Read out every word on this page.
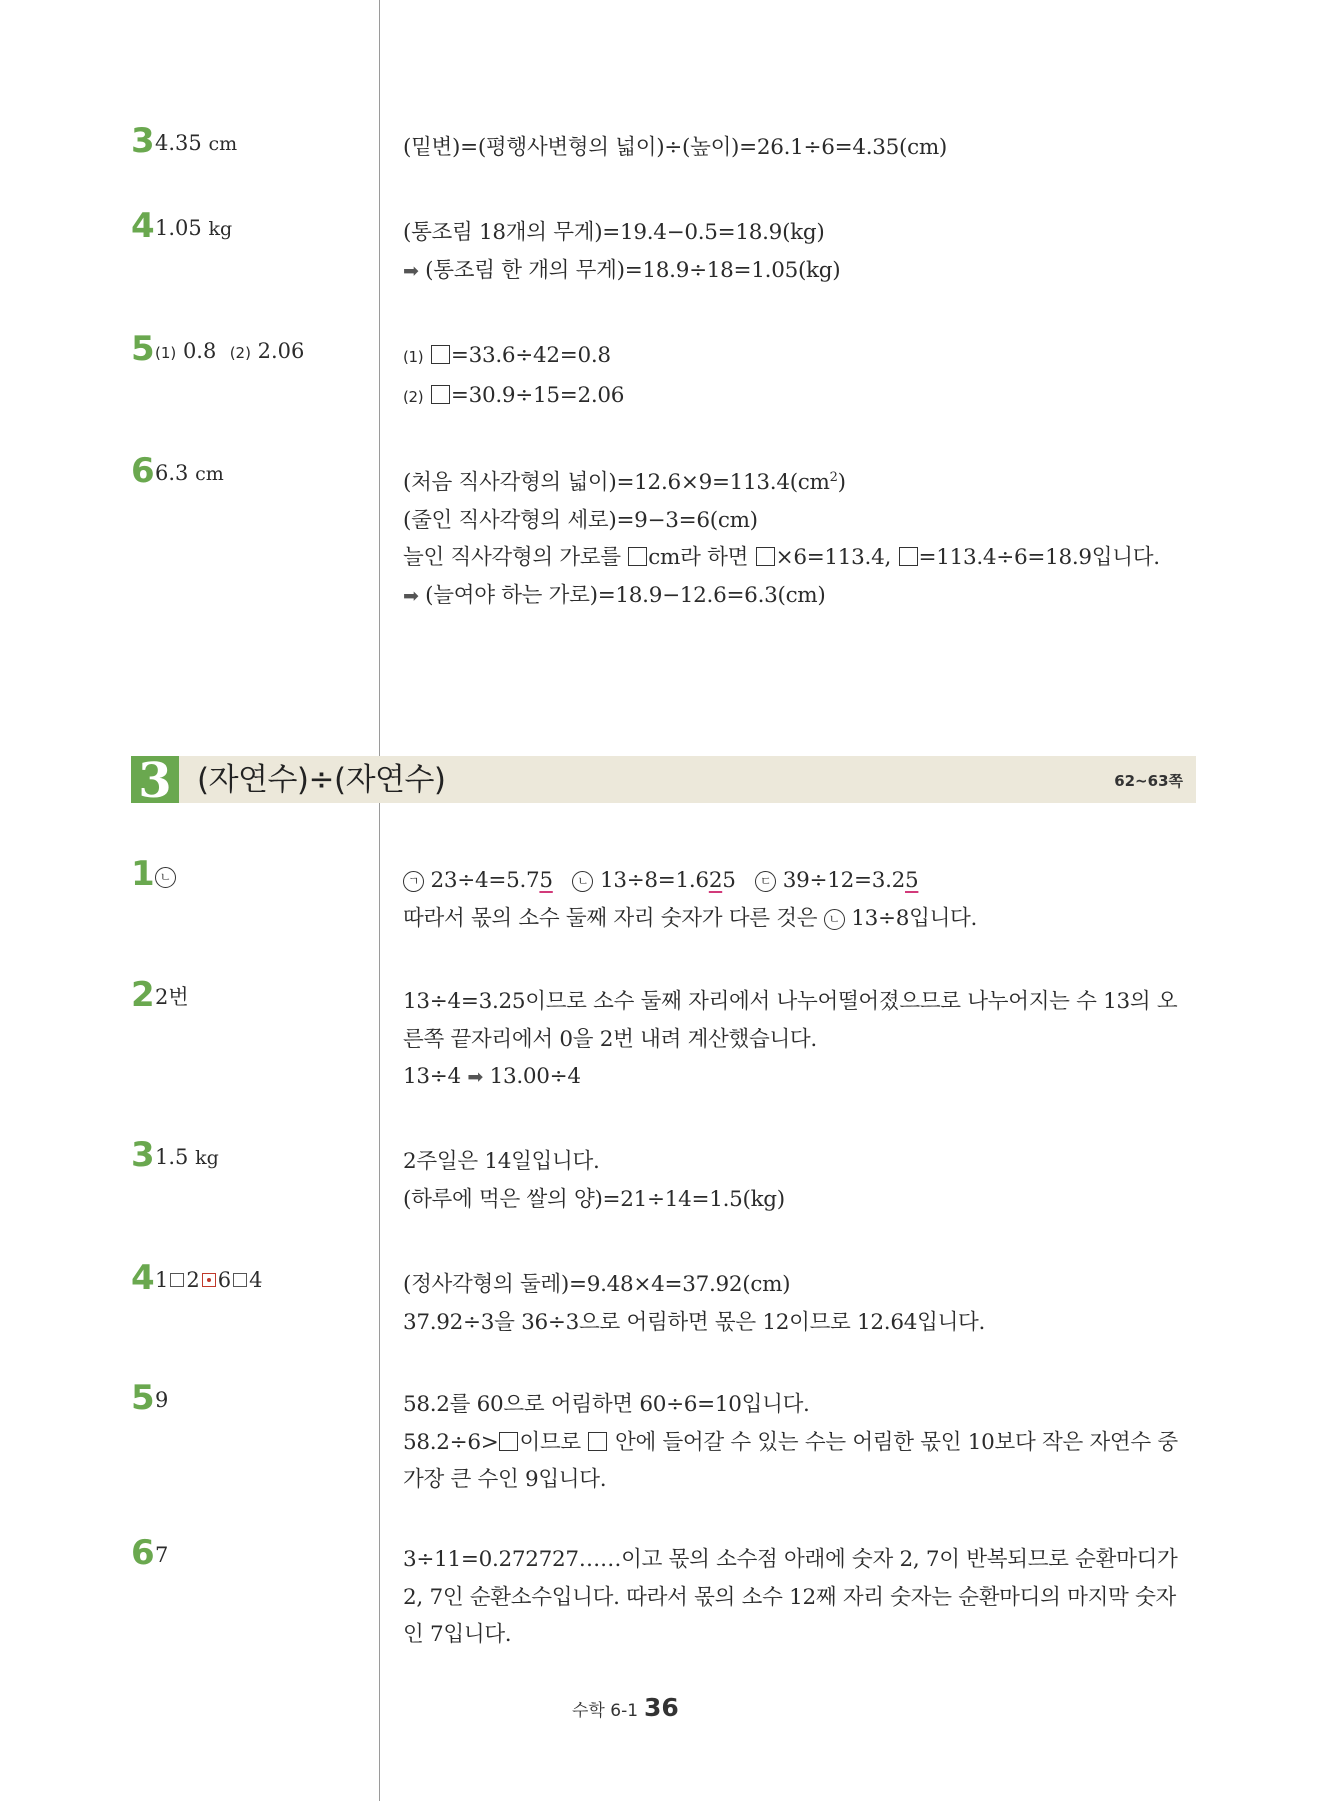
3 4.35 cm	(밑변)=(평행사변형의 넓이)÷(높이)=26.1÷6=4.35(cm)
4 1.05 kg	(통조림 18개의 무게)=19.4−0.5=18.9(kg)
➡ (통조림 한 개의 무게)=18.9÷18=1.05(kg)
5 (1) 0.8 (2) 2.06	(1) =33.6÷42=0.8
(2) =30.9÷15=2.06
6 6.3 cm	(처음 직사각형의 넓이)$=12.6\times 9=113.4(cm^2)$
(줄인 직사각형의 세로)=9−3=6(cm)
늘인 직사각형의 가로를 cm라 하면 ×6=113.4, =113.4÷6=18.9입니다.
➡ (늘여야 하는 가로)=18.9−12.6=6.3(cm)
3 (자연수)÷(자연수)	62~63쪽
1 ㄴ	ㄱ 23÷4=5.75 ㄴ 13÷8=1.625 ㄷ 39÷12=3.25
따라서 몫의 소수 둘째 자리 숫자가 다른 것은 ㄴ 13÷8입니다.
2 2번	13÷4=3.25이므로 소수 둘째 자리에서 나누어떨어졌으므로 나누어지는 수 13의 오른쪽 끝자리에서 0을 2번 내려 계산했습니다.
13÷4 ➡ 13.00÷4
3 1.5 kg	2주일은 14일입니다.
(하루에 먹은 쌀의 양)=21÷14=1.5(kg)
4 1 2 6 4	(정사각형의 둘레)=9.48×4=37.92(cm)
37.92÷3을 36÷3으로 어림하면 몫은 12이므로 12.64입니다.
5 9	58.2를 60으로 어림하면 60÷6=10입니다.
58.2÷6> 이므로  안에 들어갈 수 있는 수는 어림한 몫인 10보다 작은 자연수 중 가장 큰 수인 9입니다.
6 7	3÷11=0.272727……이고 몫의 소수점 아래에 숫자 2, 7이 반복되므로 순환마디가 2, 7인 순환소수입니다. 따라서 몫의 소수 12째 자리 숫자는 순환마디의 마지막 숫자인 7입니다.
수학 6-1 36
